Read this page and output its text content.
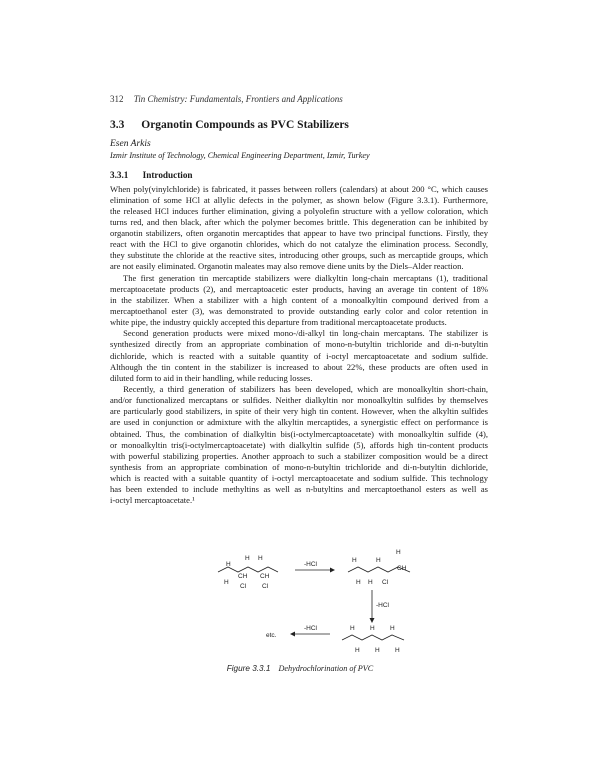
312 Tin Chemistry: Fundamentals, Frontiers and Applications
3.3 Organotin Compounds as PVC Stabilizers
Esen Arkis
Izmir Institute of Technology, Chemical Engineering Department, Izmir, Turkey
3.3.1 Introduction
When poly(vinylchloride) is fabricated, it passes between rollers (calendars) at about 200 °C, which causes
elimination of some HCl at allylic defects in the polymer, as shown below (Figure 3.3.1). Furthermore,
the released HCl induces further elimination, giving a polyolefin structure with a yellow coloration, which
turns red, and then black, after which the polymer becomes brittle. This degeneration can be inhibited by
organotin stabilizers, often organotin mercaptides that appear to have two principal functions. Firstly, they
react with the HCl to give organotin chlorides, which do not catalyze the elimination process. Secondly,
they substitute the chloride at the reactive sites, introducing other groups, such as mercaptide groups, which
are not easily eliminated. Organotin maleates may also remove diene units by the Diels–Alder reaction.
The first generation tin mercaptide stabilizers were dialkyltin long-chain mercaptans (1), traditional
mercaptoacetate products (2), and mercaptoacetic ester products, having an average tin content of 18%
in the stabilizer. When a stabilizer with a high content of a monoalkyltin compound derived from a
mercaptoethanol ester (3), was demonstrated to provide outstanding early color and color retention in
white pipe, the industry quickly accepted this departure from traditional mercaptoacetate products.
Second generation products were mixed mono-/di-alkyl tin long-chain mercaptans. The stabilizer is
synthesized directly from an appropriate combination of mono-n-butyltin trichloride and di-n-butyltin
dichloride, which is reacted with a suitable quantity of i-octyl mercaptoacetate and sodium sulfide.
Although the tin content in the stabilizer is increased to about 22%, these products are often used in
diluted form to aid in their handling, while reducing losses.
Recently, a third generation of stabilizers has been developed, which are monoalkyltin short-chain,
and/or functionalized mercaptans or sulfides. Neither dialkyltin nor monoalkyltin sulfides by themselves
are particularly good stabilizers, in spite of their very high tin content. However, when the alkyltin sulfides
are used in conjunction or admixture with the alkyltin mercaptides, a synergistic effect on performance is
obtained. Thus, the combination of dialkyltin bis(i-octylmercaptoacetate) with monoalkyltin sulfide (4),
or monoalkyltin tris(i-octylmercaptoacetate) with dialkyltin sulfide (5), affords high tin-content products
with powerful stabilizing properties. Another approach to such a stabilizer composition would be a direct
synthesis from an appropriate combination of mono-n-butyltin trichloride and di-n-butyltin dichloride,
which is reacted with a suitable quantity of i-octyl mercaptoacetate and sodium sulfide. This technology
has been extended to include methyltins as well as n-butyltins and mercaptoethanol esters as well as
i-octyl mercaptoacetate.¹
H
H H
CH CH
H
Cl Cl
-HCl
H	H
H
CH
H H Cl
-HCl
-HCl
etc.
H H H
H H H
Figure 3.3.1 Dehydrochlorination of PVC
